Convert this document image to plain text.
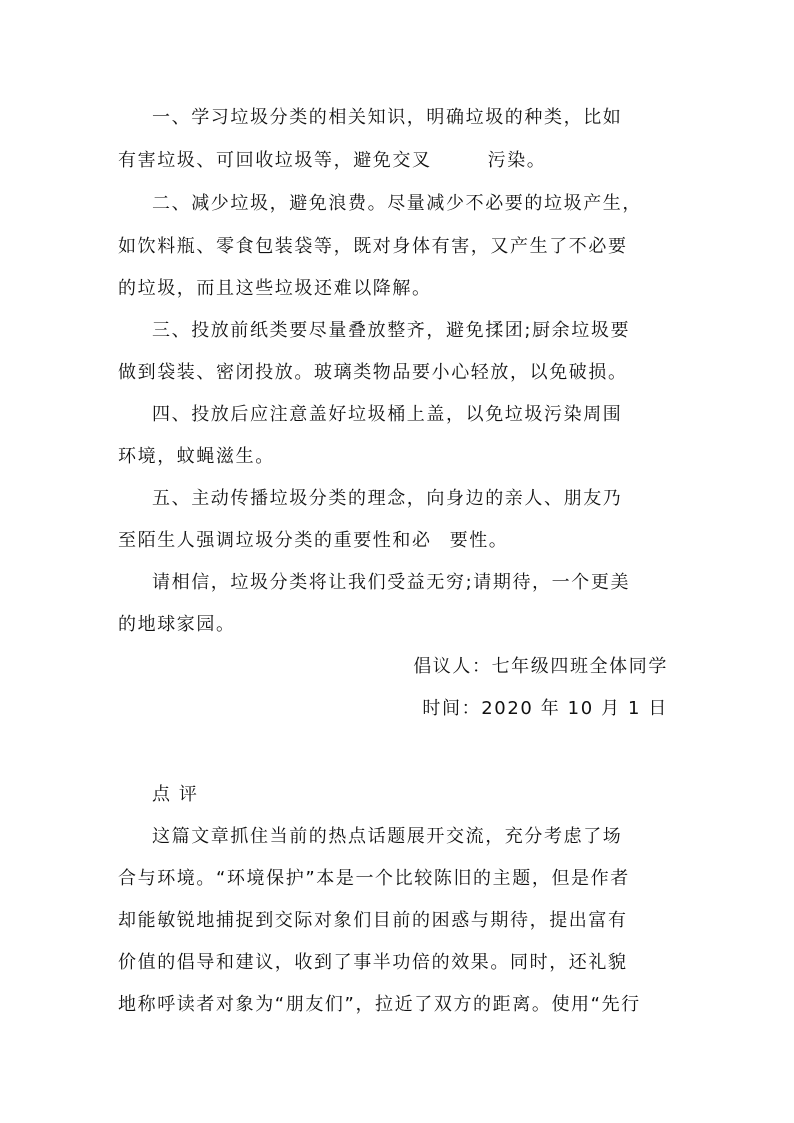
一、学习垃圾分类的相关知识，明确垃圾的种类，比如
有害垃圾、可回收垃圾等，避免交叉	污染。
二、减少垃圾，避免浪费。尽量减少不必要的垃圾产生，
如饮料瓶、零食包装袋等，既对身体有害，又产生了不必要
的垃圾，而且这些垃圾还难以降解。
三、投放前纸类要尽量叠放整齐，避免揉团;厨余垃圾要
做到袋装、密闭投放。玻璃类物品要小心轻放，以免破损。
四、投放后应注意盖好垃圾桶上盖，以免垃圾污染周围
环境，蚊蝇滋生。
五、主动传播垃圾分类的理念，向身边的亲人、朋友乃
至陌生人强调垃圾分类的重要性和必 要性。
请相信，垃圾分类将让我们受益无穷;请期待，一个更美
的地球家园。
倡议人：七年级四班全体同学
时间：2020 年 10 月 1 日
点 评
这篇文章抓住当前的热点话题展开交流，充分考虑了场
合与环境。“环境保护”本是一个比较陈旧的主题，但是作者
却能敏锐地捕捉到交际对象们目前的困惑与期待，提出富有
价值的倡导和建议，收到了事半功倍的效果。同时，还礼貌
地称呼读者对象为“朋友们”，拉近了双方的距离。使用“先行
